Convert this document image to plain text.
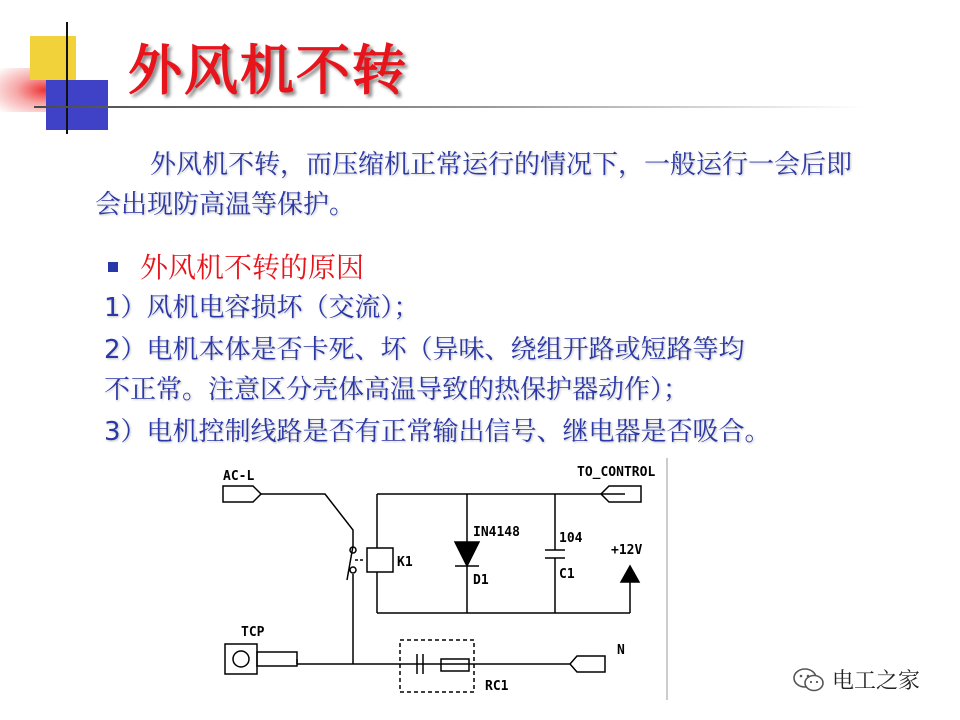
外风机不转
外风机不转，而压缩机正常运行的情况下，一般运行一会后即会出现防高温等保护。
外风机不转的原因
1）风机电容损坏（交流）；
2）电机本体是否卡死、坏（异味、绕组开路或短路等均
不正常。注意区分壳体高温导致的热保护器动作）；
3）电机控制线路是否有正常输出信号、继电器是否吸合。
AC-L	TO_CONTROL
K1
IN4148
D1
104
C1
+12V
TCP
RC1
N
电工之家
